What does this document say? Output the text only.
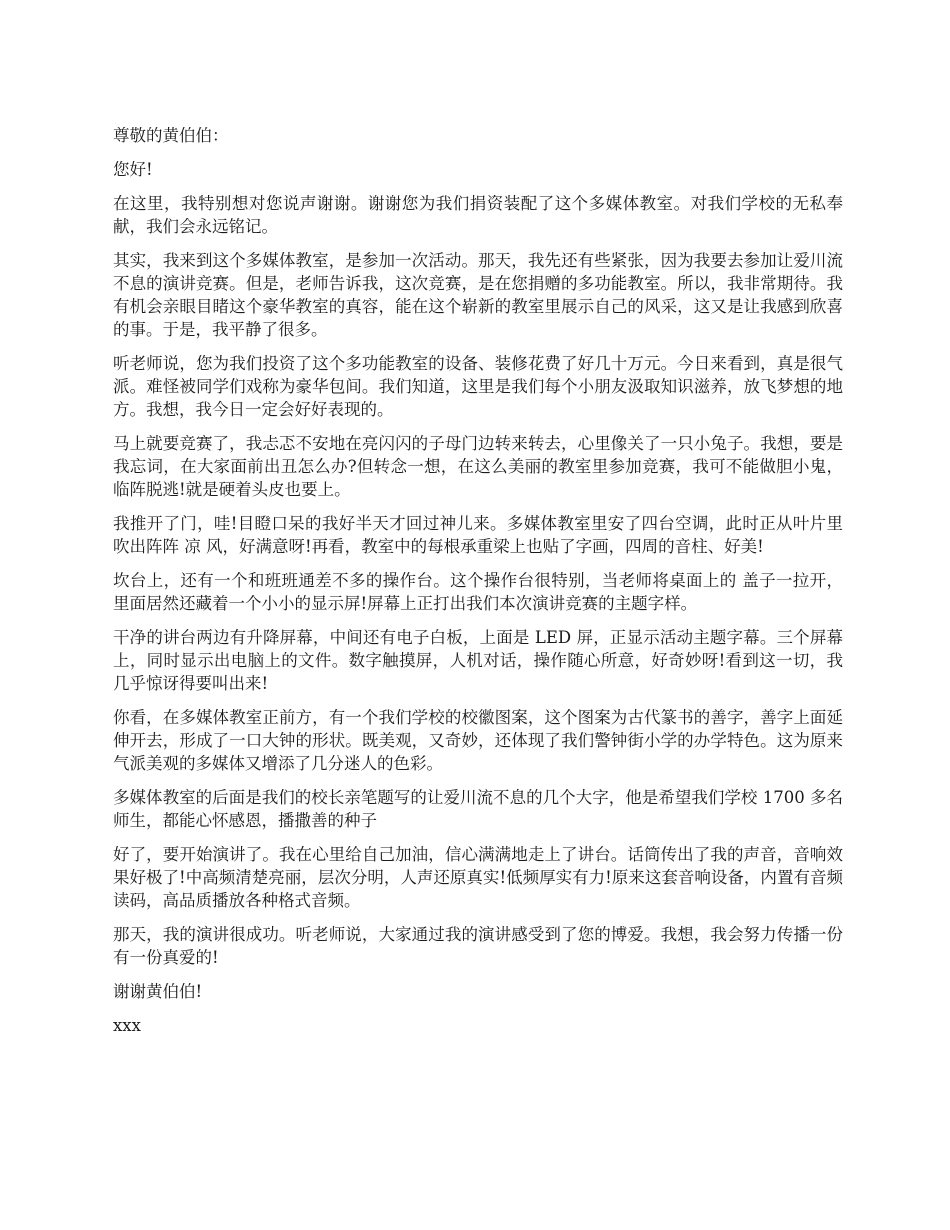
尊敬的黄伯伯：

您好!

在这里，我特别想对您说声谢谢。谢谢您为我们捐资装配了这个多媒体教室。对我们学校的无私奉献，我们会永远铭记。

其实，我来到这个多媒体教室，是参加一次活动。那天，我先还有些紧张，因为我要去参加让爱川流不息的演讲竞赛。但是，老师告诉我，这次竞赛，是在您捐赠的多功能教室。所以，我非常期待。我有机会亲眼目睹这个豪华教室的真容，能在这个崭新的教室里展示自己的风采，这又是让我感到欣喜的事。于是，我平静了很多。

听老师说，您为我们投资了这个多功能教室的设备、装修花费了好几十万元。今日来看到，真是很气派。难怪被同学们戏称为豪华包间。我们知道，这里是我们每个小朋友汲取知识滋养，放飞梦想的地方。我想，我今日一定会好好表现的。

马上就要竞赛了，我忐忑不安地在亮闪闪的子母门边转来转去，心里像关了一只小兔子。我想，要是我忘词，在大家面前出丑怎么办?但转念一想，在这么美丽的教室里参加竞赛，我可不能做胆小鬼，临阵脱逃!就是硬着头皮也要上。

我推开了门，哇!目瞪口呆的我好半天才回过神儿来。多媒体教室里安了四台空调，此时正从叶片里吹出阵阵 凉 风，好满意呀!再看，教室中的每根承重梁上也贴了字画，四周的音柱、好美!

坎台上，还有一个和班班通差不多的操作台。这个操作台很特别，当老师将桌面上的 盖子一拉开，里面居然还藏着一个小小的显示屏!屏幕上正打出我们本次演讲竞赛的主题字样。

干净的讲台两边有升降屏幕，中间还有电子白板，上面是 LED 屏，正显示活动主题字幕。三个屏幕上，同时显示出电脑上的文件。数字触摸屏，人机对话，操作随心所意，好奇妙呀!看到这一切，我几乎惊讶得要叫出来!

你看，在多媒体教室正前方，有一个我们学校的校徽图案，这个图案为古代篆书的善字，善字上面延伸开去，形成了一口大钟的形状。既美观，又奇妙，还体现了我们警钟街小学的办学特色。这为原来气派美观的多媒体又增添了几分迷人的色彩。

多媒体教室的后面是我们的校长亲笔题写的让爱川流不息的几个大字，他是希望我们学校 1700 多名师生，都能心怀感恩，播撒善的种子

好了，要开始演讲了。我在心里给自己加油，信心满满地走上了讲台。话筒传出了我的声音，音响效果好极了!中高频清楚亮丽，层次分明，人声还原真实!低频厚实有力!原来这套音响设备，内置有音频读码，高品质播放各种格式音频。

那天，我的演讲很成功。听老师说，大家通过我的演讲感受到了您的博爱。我想，我会努力传播一份有一份真爱的!

谢谢黄伯伯!

xxx
